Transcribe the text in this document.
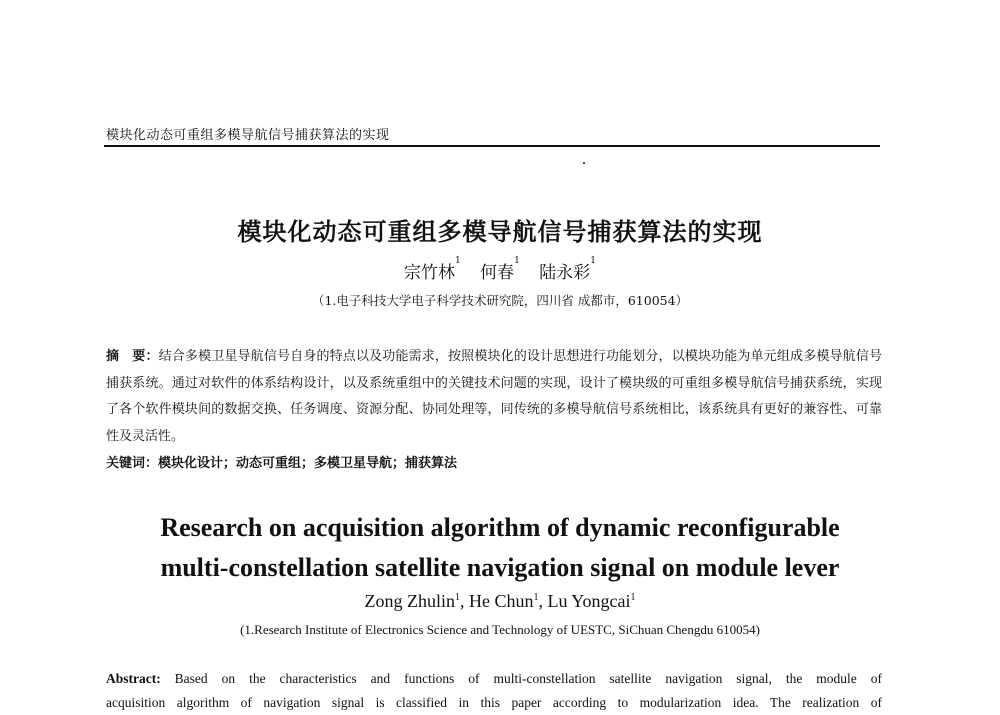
模块化动态可重组多模导航信号捕获算法的实现
模块化动态可重组多模导航信号捕获算法的实现
宗竹林$^1$ 何春$^1$ 陆永彩$^1$
（1.电子科技大学电子科学技术研究院，四川省 成都市，610054）
摘　要：结合多模卫星导航信号自身的特点以及功能需求，按照模块化的设计思想进行功能划分，以模块功能为单元组成多模导航信号捕获系统。通过对软件的体系结构设计，以及系统重组中的关键技术问题的实现，设计了模块级的可重组多模导航信号捕获系统，实现了各个软件模块间的数据交换、任务调度、资源分配、协同处理等，同传统的多模导航信号系统相比，该系统具有更好的兼容性、可靠性及灵活性。
关键词：模块化设计；动态可重组；多模卫星导航；捕获算法
Research on acquisition algorithm of dynamic reconfigurable
multi-constellation satellite navigation signal on module lever
Zong Zhulin$^1$, He Chun$^1$, Lu Yongcai$^1$
(1.Research Institute of Electronics Science and Technology of UESTC, SiChuan Chengdu 610054)
Abstract: Based on the characteristics and functions of multi-constellation satellite navigation signal, the module of
acquisition algorithm of navigation signal is classified in this paper according to modularization idea. The realization of
